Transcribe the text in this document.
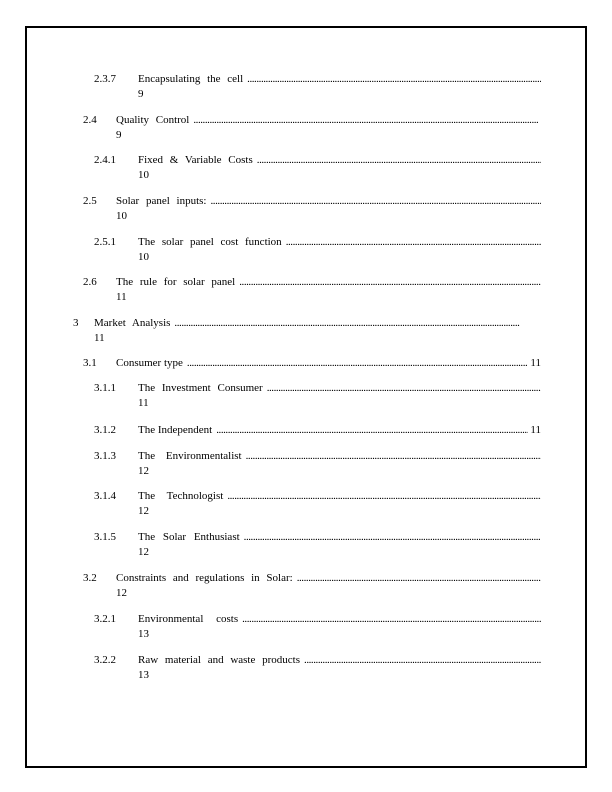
2.3.7 Encapsulating the cell
. . .
9
2.4 Quality Control
. . .
9
2.4.1 Fixed & Variable Costs
. . .
10
2.5 Solar panel inputs:
. . .
10
2.5.1 The solar panel cost function
. . .
10
2.6 The rule for solar panel
. . .
11
3 Market Analysis
. . .
11
3.1 Consumer type . . .	11
3.1.1 The Investment Consumer
. . .
11
3.1.2 The Independent . . .	11
3.1.3 The Environmentalist
. . .
12
3.1.4 The Technologist
. . .
12
3.1.5 The Solar Enthusiast
. . .
12
3.2 Constraints and regulations in Solar:
. . .
12
3.2.1 Environmental costs
. . .
13
3.2.2 Raw material and waste products
. . .
13
